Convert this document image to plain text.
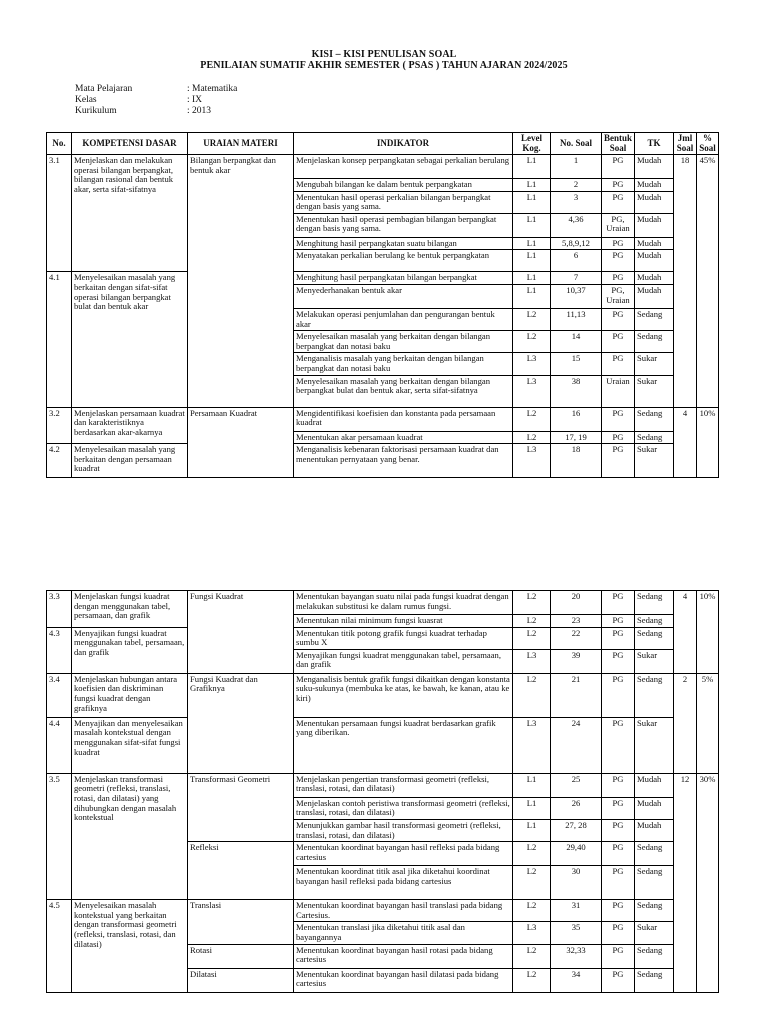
KISI – KISI PENULISAN SOAL
PENILAIAN SUMATIF AKHIR SEMESTER ( PSAS ) TAHUN AJARAN 2024/2025
Mata Pelajaran	: Matematika
Kelas	: IX
Kurikulum	: 2013
No.	KOMPETENSI DASAR	URAIAN MATERI	INDIKATOR	Level Kog.	No. Soal	Bentuk Soal	TK	Jml Soal	% Soal
3.1	Menjelaskan dan melakukan operasi bilangan berpangkat, bilangan rasional dan bentuk akar, serta sifat-sifatnya	Bilangan berpangkat dan bentuk akar	Menjelaskan konsep perpangkatan sebagai perkalian berulang	L1	1	PG	Mudah	18	45%
			Mengubah bilangan ke dalam bentuk perpangkatan	L1	2	PG	Mudah		
			Menentukan hasil operasi perkalian bilangan berpangkat dengan basis yang sama.	L1	3	PG	Mudah		
			Menentukan hasil operasi pembagian bilangan berpangkat dengan basis yang sama.	L1	4,36	PG, Uraian	Mudah		
			Menghitung hasil perpangkatan suatu bilangan	L1	5,8,9,12	PG	Mudah		
			Menyatakan perkalian berulang ke bentuk perpangkatan	L1	6	PG	Mudah		
4.1	Menyelesaikan masalah yang berkaitan dengan sifat-sifat operasi bilangan berpangkat bulat dan bentuk akar		Menghitung hasil perpangkatan bilangan berpangkat	L1	7	PG	Mudah		
			Menyederhanakan bentuk akar	L1	10,37	PG, Uraian	Mudah		
			Melakukan operasi penjumlahan dan pengurangan bentuk akar	L2	11,13	PG	Sedang		
			Menyelesaikan masalah yang berkaitan dengan bilangan berpangkat dan notasi baku	L2	14	PG	Sedang		
			Menganalisis masalah yang berkaitan dengan bilangan berpangkat dan notasi baku	L3	15	PG	Sukar		
			Menyelesaikan masalah yang berkaitan dengan bilangan berpangkat bulat dan bentuk akar, serta sifat-sifatnya	L3	38	Uraian	Sukar		
3.2	Menjelaskan persamaan kuadrat dan karakteristiknya berdasarkan akar-akarnya	Persamaan Kuadrat	Mengidentifikasi koefisien dan konstanta pada persamaan kuadrat	L2	16	PG	Sedang	4	10%
			Menentukan akar persamaan kuadrat	L2	17, 19	PG	Sedang		
4.2	Menyelesaikan masalah yang berkaitan dengan persamaan kuadrat		Menganalisis kebenaran faktorisasi persamaan kuadrat dan menentukan pernyataan yang benar.	L3	18	PG	Sukar		
3.3	Menjelaskan fungsi kuadrat dengan menggunakan tabel, persamaan, dan grafik	Fungsi Kuadrat	Menentukan bayangan suatu nilai pada fungsi kuadrat dengan melakukan substitusi ke dalam rumus fungsi.	L2	20	PG	Sedang	4	10%
			Menentukan nilai minimum fungsi kuasrat	L2	23	PG	Sedang		
4.3	Menyajikan fungsi kuadrat menggunakan tabel, persamaan, dan grafik		Menentukan titik potong grafik fungsi kuadrat terhadap sumbu X	L2	22	PG	Sedang		
			Menyajikan fungsi kuadrat menggunakan tabel, persamaan, dan grafik	L3	39	PG	Sukar		
3.4	Menjelaskan hubungan antara koefisien dan diskriminan fungsi kuadrat dengan grafiknya	Fungsi Kuadrat dan Grafiknya	Menganalisis bentuk grafik fungsi dikaitkan dengan konstanta suku-sukunya (membuka ke atas, ke bawah, ke kanan, atau ke kiri)	L2	21	PG	Sedang	2	5%
4.4	Menyajikan dan menyelesaikan masalah kontekstual dengan menggunakan sifat-sifat fungsi kuadrat		Menentukan persamaan fungsi kuadrat berdasarkan grafik yang diberikan.	L3	24	PG	Sukar		
3.5	Menjelaskan transformasi geometri (refleksi, translasi, rotasi, dan dilatasi) yang dihubungkan dengan masalah kontekstual	Transformasi Geometri	Menjelaskan pengertian transformasi geometri (refleksi, translasi, rotasi, dan dilatasi)	L1	25	PG	Mudah	12	30%
			Menjelaskan contoh peristiwa transformasi geometri (refleksi, translasi, rotasi, dan dilatasi)	L1	26	PG	Mudah		
			Menunjukkan gambar hasil transformasi geometri (refleksi, translasi, rotasi, dan dilatasi)	L1	27, 28	PG	Mudah		
		Refleksi	Menentukan koordinat bayangan hasil refleksi pada bidang cartesius	L2	29,40	PG	Sedang		
			Menentukan koordinat titik asal jika diketahui koordinat bayangan hasil refleksi pada bidang cartesius	L2	30	PG	Sedang		
4.5	Menyelesaikan masalah kontekstual yang berkaitan dengan transformasi geometri (refleksi, translasi, rotasi, dan dilatasi)	Translasi	Menentukan koordinat bayangan hasil translasi pada bidang Cartesius.	L2	31	PG	Sedang		
			Menentukan translasi jika diketahui titik asal dan bayangannya	L3	35	PG	Sukar		
		Rotasi	Menentukan koordinat bayangan hasil rotasi pada bidang cartesius	L2	32,33	PG	Sedang		
		Dilatasi	Menentukan koordinat bayangan hasil dilatasi pada bidang cartesius	L2	34	PG	Sedang		
